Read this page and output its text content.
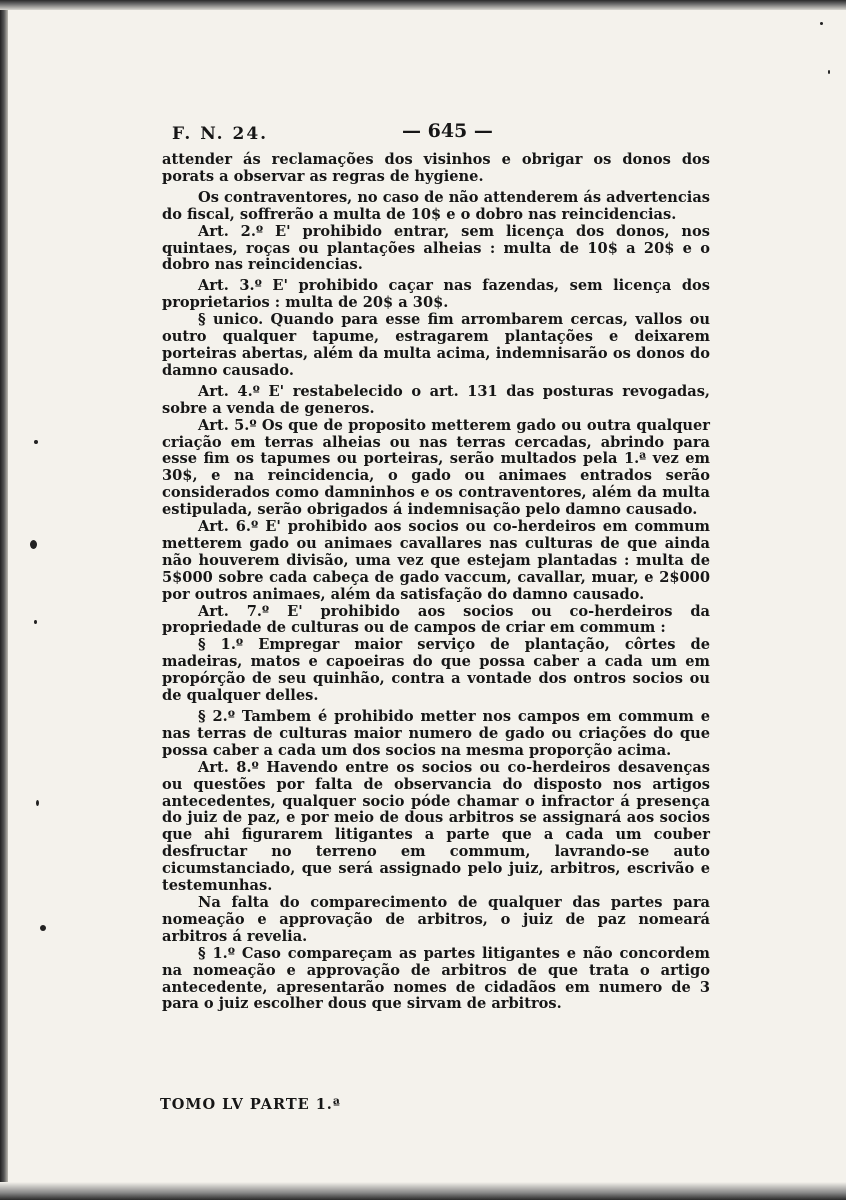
F. N. 24.	— 645 —

attender ás reclamações dos visinhos e obrigar os donos dos porats a observar as regras de hygiene.

Os contraventores, no caso de não attenderem ás advertencias do fiscal, soffrerão a multa de 10$ e o dobro nas reincidencias.

Art. 2.º E' prohibido entrar, sem licença dos donos, nos quintaes, roças ou plantações alheias : multa de 10$ a 20$ e o dobro nas reincidencias.

Art. 3.º E' prohibido caçar nas fazendas, sem licença dos proprietarios : multa de 20$ a 30$.

§ unico. Quando para esse fim arrombarem cercas, vallos ou outro qualquer tapume, estragarem plantações e deixarem porteiras abertas, além da multa acima, indemnisarão os donos do damno causado.

Art. 4.º E' restabelecido o art. 131 das posturas revogadas, sobre a venda de generos.

Art. 5.º Os que de proposito metterem gado ou outra qualquer criação em terras alheias ou nas terras cercadas, abrindo para esse fim os tapumes ou porteiras, serão multados pela 1.ª vez em 30$, e na reincidencia, o gado ou animaes entrados serão considerados como damninhos e os contraventores, além da multa estipulada, serão obrigados á indemnisação pelo damno causado.

Art. 6.º E' prohibido aos socios ou co-herdeiros em commum metterem gado ou animaes cavallares nas culturas de que ainda não houverem divisão, uma vez que estejam plantadas : multa de 5$000 sobre cada cabeça de gado vaccum, cavallar, muar, e 2$000 por outros animaes, além da satisfação do damno causado.

Art. 7.º E' prohibido aos socios ou co-herdeiros da propriedade de culturas ou de campos de criar em commum :

§ 1.º Empregar maior serviço de plantação, côrtes de madeiras, matos e capoeiras do que possa caber a cada um em propórção de seu quinhão, contra a vontade dos ontros socios ou de qualquer delles.

§ 2.º Tambem é prohibido metter nos campos em commum e nas terras de culturas maior numero de gado ou criações do que possa caber a cada um dos socios na mesma proporção acima.

Art. 8.º Havendo entre os socios ou co-herdeiros desavenças ou questões por falta de observancia do disposto nos artigos antecedentes, qualquer socio póde chamar o infractor á presença do juiz de paz, e por meio de dous arbitros se assignará aos socios que ahi figurarem litigantes a parte que a cada um couber desfructar no terreno em commum, lavrando-se auto cicumstanciado, que será assignado pelo juiz, arbitros, escrivão e testemunhas.

Na falta do comparecimento de qualquer das partes para nomeação e approvação de arbitros, o juiz de paz nomeará arbitros á revelia.

§ 1.º Caso compareçam as partes litigantes e não concordem na nomeação e approvação de arbitros de que trata o artigo antecedente, apresentarão nomes de cidadãos em numero de 3 para o juiz escolher dous que sirvam de arbitros.

TOMO LV PARTE 1.ª
